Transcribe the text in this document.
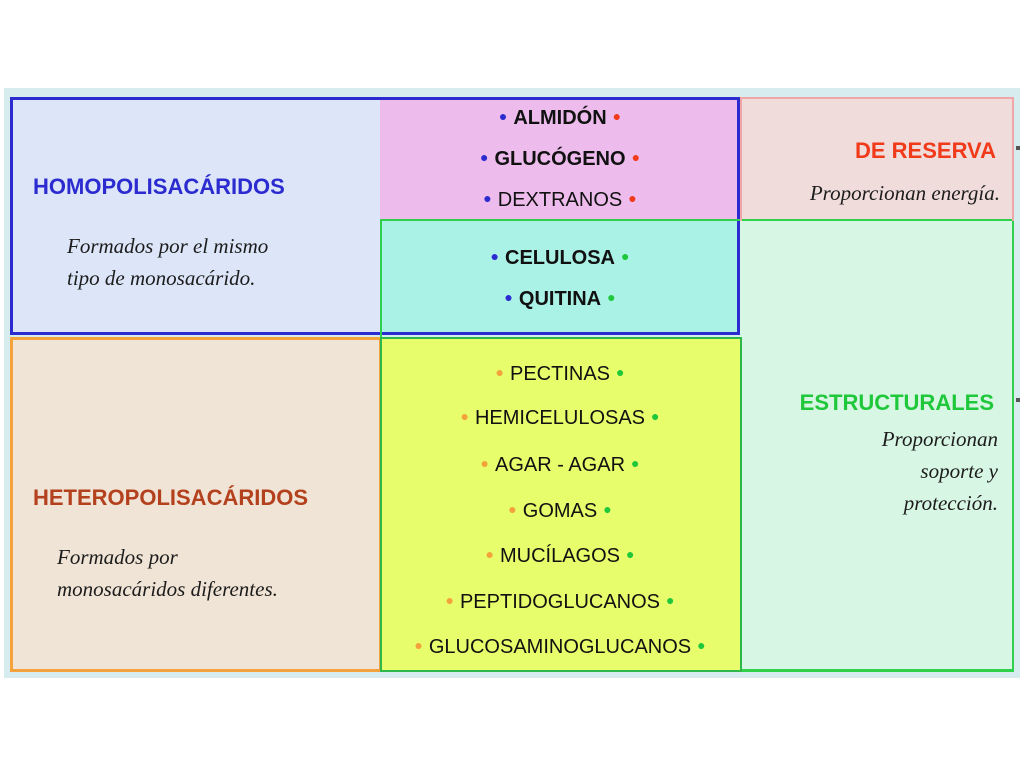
HOMOPOLISACÁRIDOS
Formados por el mismo
tipo de monosacárido.
HETEROPOLISACÁRIDOS
Formados por
monosacáridos diferentes.
DE RESERVA
Proporcionan energía.
ESTRUCTURALES
Proporcionan
soporte y
protección.
● ALMIDÓN ●
● GLUCÓGENO ●
● DEXTRANOS ●
● CELULOSA ●
● QUITINA ●
● PECTINAS ●
● HEMICELULOSAS ●
● AGAR - AGAR ●
● GOMAS ●
● MUCÍLAGOS ●
● PEPTIDOGLUCANOS ●
● GLUCOSAMINOGLUCANOS ●
